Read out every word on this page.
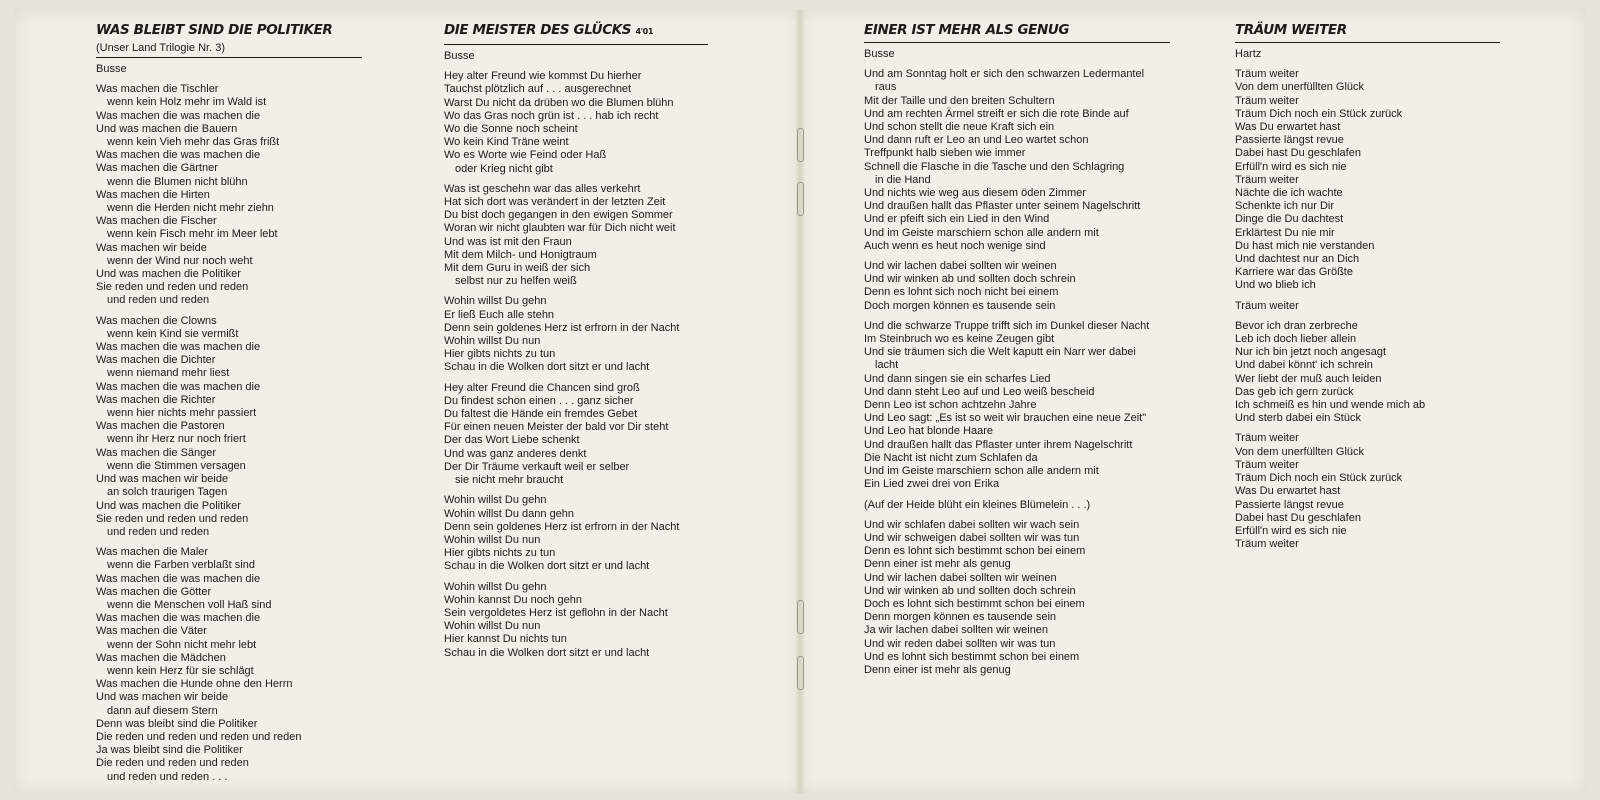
WAS BLEIBT SIND DIE POLITIKER
(Unser Land Trilogie Nr. 3)
Busse
Was machen die Tischler
wenn kein Holz mehr im Wald ist
Was machen die was machen die
Und was machen die Bauern
wenn kein Vieh mehr das Gras frißt
Was machen die was machen die
Was machen die Gärtner
wenn die Blumen nicht blühn
Was machen die Hirten
wenn die Herden nicht mehr ziehn
Was machen die Fischer
wenn kein Fisch mehr im Meer lebt
Was machen wir beide
wenn der Wind nur noch weht
Und was machen die Politiker
Sie reden und reden und reden
und reden und reden
Was machen die Clowns
wenn kein Kind sie vermißt
Was machen die was machen die
Was machen die Dichter
wenn niemand mehr liest
Was machen die was machen die
Was machen die Richter
wenn hier nichts mehr passiert
Was machen die Pastoren
wenn ihr Herz nur noch friert
Was machen die Sänger
wenn die Stimmen versagen
Und was machen wir beide
an solch traurigen Tagen
Und was machen die Politiker
Sie reden und reden und reden
und reden und reden
Was machen die Maler
wenn die Farben verblaßt sind
Was machen die was machen die
Was machen die Götter
wenn die Menschen voll Haß sind
Was machen die was machen die
Was machen die Väter
wenn der Sohn nicht mehr lebt
Was machen die Mädchen
wenn kein Herz für sie schlägt
Was machen die Hunde ohne den Herrn
Und was machen wir beide
dann auf diesem Stern
Denn was bleibt sind die Politiker
Die reden und reden und reden und reden
Ja was bleibt sind die Politiker
Die reden und reden und reden
und reden und reden . . .
DIE MEISTER DES GLÜCKS 4'01
Busse
Hey alter Freund wie kommst Du hierher
Tauchst plötzlich auf . . . ausgerechnet
Warst Du nicht da drüben wo die Blumen blühn
Wo das Gras noch grün ist . . . hab ich recht
Wo die Sonne noch scheint
Wo kein Kind Träne weint
Wo es Worte wie Feind oder Haß
oder Krieg nicht gibt
Was ist geschehn war das alles verkehrt
Hat sich dort was verändert in der letzten Zeit
Du bist doch gegangen in den ewigen Sommer
Woran wir nicht glaubten war für Dich nicht weit
Und was ist mit den Fraun
Mit dem Milch- und Honigtraum
Mit dem Guru in weiß der sich
selbst nur zu helfen weiß
Wohin willst Du gehn
Er ließ Euch alle stehn
Denn sein goldenes Herz ist erfrorn in der Nacht
Wohin willst Du nun
Hier gibts nichts zu tun
Schau in die Wolken dort sitzt er und lacht
Hey alter Freund die Chancen sind groß
Du findest schon einen . . . ganz sicher
Du faltest die Hände ein fremdes Gebet
Für einen neuen Meister der bald vor Dir steht
Der das Wort Liebe schenkt
Und was ganz anderes denkt
Der Dir Träume verkauft weil er selber
sie nicht mehr braucht
Wohin willst Du gehn
Wohin willst Du dann gehn
Denn sein goldenes Herz ist erfrorn in der Nacht
Wohin willst Du nun
Hier gibts nichts zu tun
Schau in die Wolken dort sitzt er und lacht
Wohin willst Du gehn
Wohin kannst Du noch gehn
Sein vergoldetes Herz ist geflohn in der Nacht
Wohin willst Du nun
Hier kannst Du nichts tun
Schau in die Wolken dort sitzt er und lacht
EINER IST MEHR ALS GENUG
Busse
Und am Sonntag holt er sich den schwarzen Ledermantel
raus
Mit der Taille und den breiten Schultern
Und am rechten Ärmel streift er sich die rote Binde auf
Und schon stellt die neue Kraft sich ein
Und dann ruft er Leo an und Leo wartet schon
Treffpunkt halb sieben wie immer
Schnell die Flasche in die Tasche und den Schlagring
in die Hand
Und nichts wie weg aus diesem öden Zimmer
Und draußen hallt das Pflaster unter seinem Nagelschritt
Und er pfeift sich ein Lied in den Wind
Und im Geiste marschiern schon alle andern mit
Auch wenn es heut noch wenige sind
Und wir lachen dabei sollten wir weinen
Und wir winken ab und sollten doch schrein
Denn es lohnt sich noch nicht bei einem
Doch morgen können es tausende sein
Und die schwarze Truppe trifft sich im Dunkel dieser Nacht
Im Steinbruch wo es keine Zeugen gibt
Und sie träumen sich die Welt kaputt ein Narr wer dabei
lacht
Und dann singen sie ein scharfes Lied
Und dann steht Leo auf und Leo weiß bescheid
Denn Leo ist schon achtzehn Jahre
Und Leo sagt: „Es ist so weit wir brauchen eine neue Zeit"
Und Leo hat blonde Haare
Und draußen hallt das Pflaster unter ihrem Nagelschritt
Die Nacht ist nicht zum Schlafen da
Und im Geiste marschiern schon alle andern mit
Ein Lied zwei drei von Erika
(Auf der Heide blüht ein kleines Blümelein . . .)
Und wir schlafen dabei sollten wir wach sein
Und wir schweigen dabei sollten wir was tun
Denn es lohnt sich bestimmt schon bei einem
Denn einer ist mehr als genug
Und wir lachen dabei sollten wir weinen
Und wir winken ab und sollten doch schrein
Doch es lohnt sich bestimmt schon bei einem
Denn morgen können es tausende sein
Ja wir lachen dabei sollten wir weinen
Und wir reden dabei sollten wir was tun
Und es lohnt sich bestimmt schon bei einem
Denn einer ist mehr als genug
TRÄUM WEITER
Hartz
Träum weiter
Von dem unerfüllten Glück
Träum weiter
Träum Dich noch ein Stück zurück
Was Du erwartet hast
Passierte längst revue
Dabei hast Du geschlafen
Erfüll'n wird es sich nie
Träum weiter
Nächte die ich wachte
Schenkte ich nur Dir
Dinge die Du dachtest
Erklärtest Du nie mir
Du hast mich nie verstanden
Und dachtest nur an Dich
Karriere war das Größte
Und wo blieb ich
Träum weiter
Bevor ich dran zerbreche
Leb ich doch lieber allein
Nur ich bin jetzt noch angesagt
Und dabei könnt' ich schrein
Wer liebt der muß auch leiden
Das geb ich gern zurück
Ich schmeiß es hin und wende mich ab
Und sterb dabei ein Stück
Träum weiter
Von dem unerfüllten Glück
Träum weiter
Träum Dich noch ein Stück zurück
Was Du erwartet hast
Passierte längst revue
Dabei hast Du geschlafen
Erfüll'n wird es sich nie
Träum weiter
